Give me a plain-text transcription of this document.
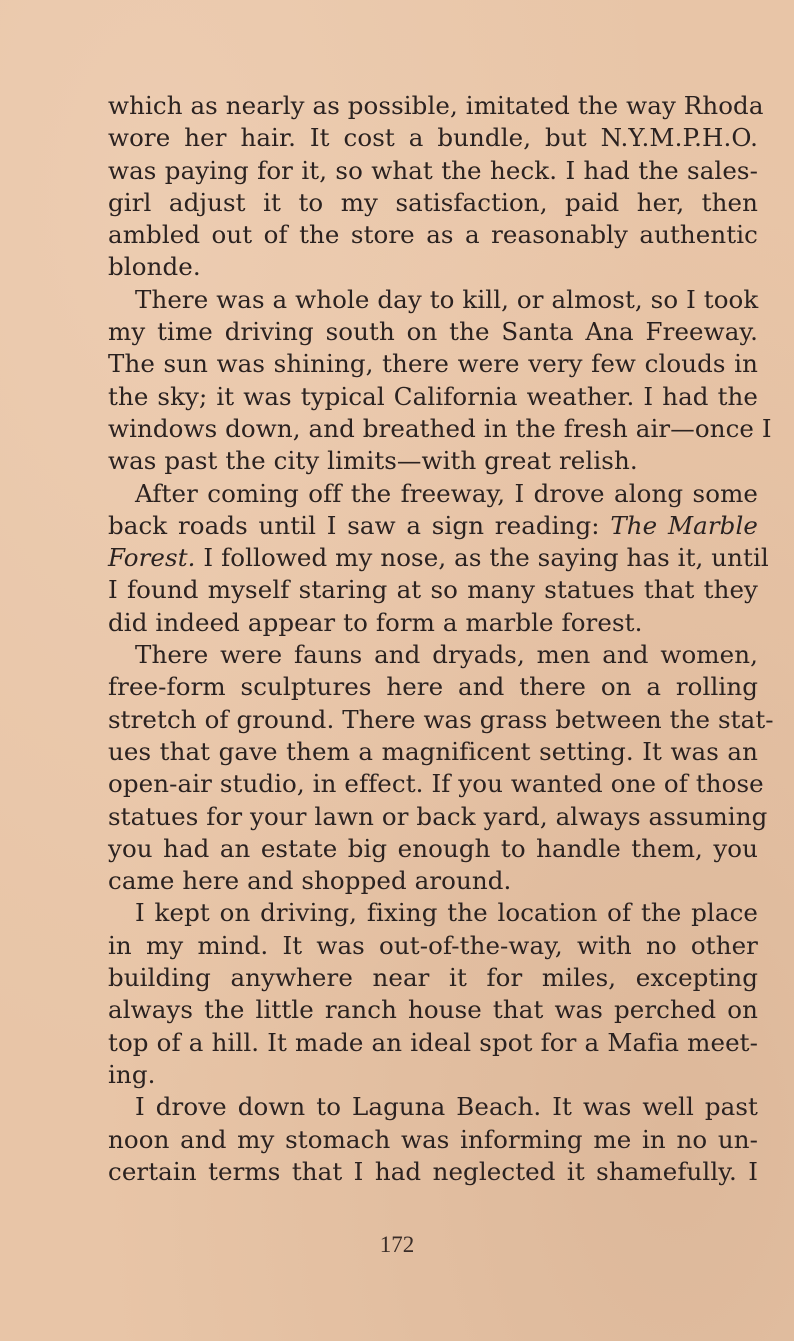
which as nearly as possible, imitated the way Rhoda
wore her hair. It cost a bundle, but N.Y.M.P.H.O.
was paying for it, so what the heck. I had the sales-
girl adjust it to my satisfaction, paid her, then
ambled out of the store as a reasonably authentic
blonde.
There was a whole day to kill, or almost, so I took
my time driving south on the Santa Ana Freeway.
The sun was shining, there were very few clouds in
the sky; it was typical California weather. I had the
windows down, and breathed in the fresh air—once I
was past the city limits—with great relish.
After coming off the freeway, I drove along some
back roads until I saw a sign reading: The Marble
Forest. I followed my nose, as the saying has it, until
I found myself staring at so many statues that they
did indeed appear to form a marble forest.
There were fauns and dryads, men and women,
free-form sculptures here and there on a rolling
stretch of ground. There was grass between the stat-
ues that gave them a magnificent setting. It was an
open-air studio, in effect. If you wanted one of those
statues for your lawn or back yard, always assuming
you had an estate big enough to handle them, you
came here and shopped around.
I kept on driving, fixing the location of the place
in my mind. It was out-of-the-way, with no other
building anywhere near it for miles, excepting
always the little ranch house that was perched on
top of a hill. It made an ideal spot for a Mafia meet-
ing.
I drove down to Laguna Beach. It was well past
noon and my stomach was informing me in no un-
certain terms that I had neglected it shamefully. I
172
